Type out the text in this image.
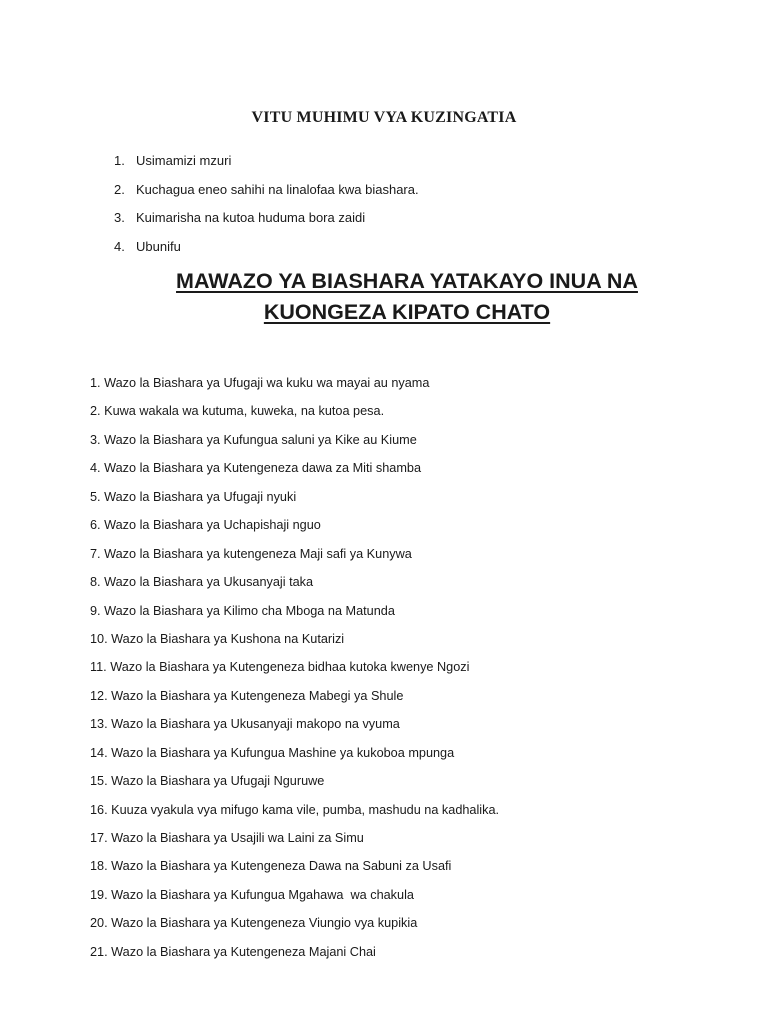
VITU MUHIMU VYA KUZINGATIA
1. Usimamizi mzuri
2. Kuchagua eneo sahihi na linalofaa kwa biashara.
3. Kuimarisha na kutoa huduma bora zaidi
4. Ubunifu
MAWAZO YA BIASHARA YATAKAYO INUA NA
KUONGEZA KIPATO CHATO
1. Wazo la Biashara ya Ufugaji wa kuku wa mayai au nyama
2. Kuwa wakala wa kutuma, kuweka, na kutoa pesa.
3. Wazo la Biashara ya Kufungua saluni ya Kike au Kiume
4. Wazo la Biashara ya Kutengeneza dawa za Miti shamba
5. Wazo la Biashara ya Ufugaji nyuki
6. Wazo la Biashara ya Uchapishaji nguo
7. Wazo la Biashara ya kutengeneza Maji safi ya Kunywa
8. Wazo la Biashara ya Ukusanyaji taka
9. Wazo la Biashara ya Kilimo cha Mboga na Matunda
10. Wazo la Biashara ya Kushona na Kutarizi
11. Wazo la Biashara ya Kutengeneza bidhaa kutoka kwenye Ngozi
12. Wazo la Biashara ya Kutengeneza Mabegi ya Shule
13. Wazo la Biashara ya Ukusanyaji makopo na vyuma
14. Wazo la Biashara ya Kufungua Mashine ya kukoboa mpunga
15. Wazo la Biashara ya Ufugaji Nguruwe
16. Kuuza vyakula vya mifugo kama vile, pumba, mashudu na kadhalika.
17. Wazo la Biashara ya Usajili wa Laini za Simu
18. Wazo la Biashara ya Kutengeneza Dawa na Sabuni za Usafi
19. Wazo la Biashara ya Kufungua Mgahawa  wa chakula
20. Wazo la Biashara ya Kutengeneza Viungio vya kupikia
21. Wazo la Biashara ya Kutengeneza Majani Chai
